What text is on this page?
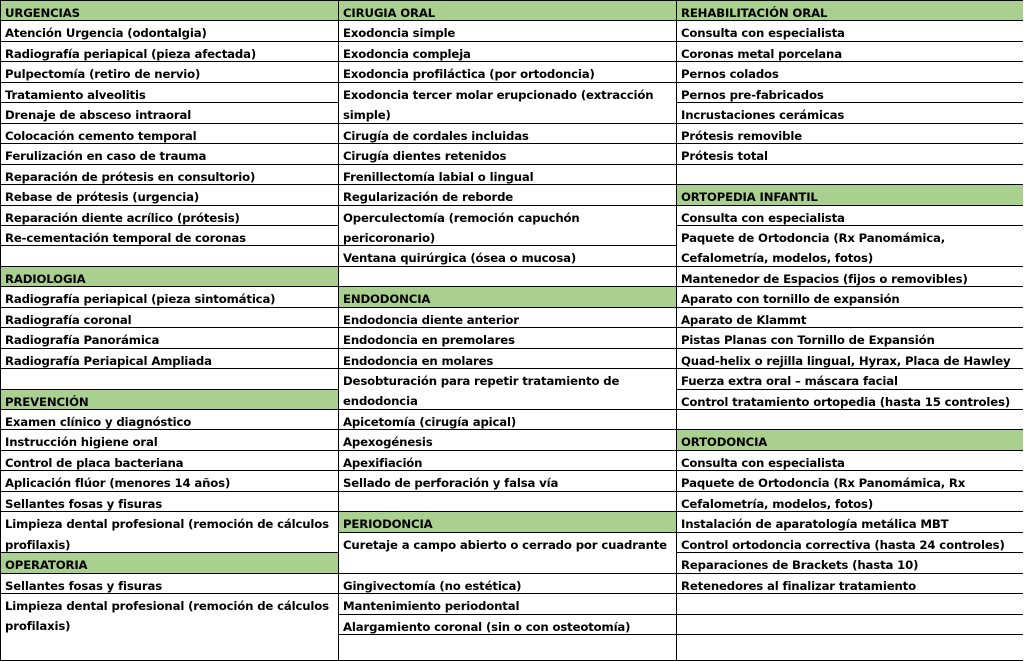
URGENCIAS
Atención Urgencia (odontalgia)
Radiografía periapical (pieza afectada)
Pulpectomía (retiro de nervio)
Tratamiento alveolitis
Drenaje de absceso intraoral
Colocación cemento temporal
Ferulización en caso de trauma
Reparación de prótesis en consultorio)
Rebase de prótesis (urgencia)
Reparación diente acrílico (prótesis)
Re-cementación temporal de coronas
RADIOLOGIA
Radiografía periapical (pieza sintomática)
Radiografía coronal
Radiografía Panorámica
Radiografía Periapical Ampliada
PREVENCIÓN
Examen clínico y diagnóstico
Instrucción higiene oral
Control de placa bacteriana
Aplicación flúor (menores 14 años)
Sellantes fosas y fisuras
Limpieza dental profesional (remoción de cálculos profilaxis)
OPERATORIA
Sellantes fosas y fisuras
Limpieza dental profesional (remoción de cálculos profilaxis)
CIRUGIA ORAL
Exodoncia simple
Exodoncia compleja
Exodoncia profiláctica (por ortodoncia)
Exodoncia tercer molar erupcionado (extracción simple)
Cirugía de cordales incluidas
Cirugía dientes retenidos
Frenillectomía labial o lingual
Regularización de reborde
Operculectomía (remoción capuchón pericoronario)
Ventana quirúrgica (ósea o mucosa)
ENDODONCIA
Endodoncia diente anterior
Endodoncia en premolares
Endodoncia en molares
Desobturación para repetir tratamiento de endodoncia
Apicetomía (cirugía apical)
Apexogénesis
Apexifiación
Sellado de perforación y falsa vía
PERIODONCIA
Curetaje a campo abierto o cerrado por cuadrante
Gingivectomía (no estética)
Mantenimiento periodontal
Alargamiento coronal (sin o con osteotomía)
REHABILITACIÓN ORAL
Consulta con especialista
Coronas metal porcelana
Pernos colados
Pernos pre-fabricados
Incrustaciones cerámicas
Prótesis removible
Prótesis total
ORTOPEDIA INFANTIL
Consulta con especialista
Paquete de Ortodoncia (Rx Panomámica, Cefalometría, modelos, fotos)
Mantenedor de Espacios (fijos o removibles)
Aparato con tornillo de expansión
Aparato de Klammt
Pistas Planas con Tornillo de Expansión
Quad-helix o rejilla lingual, Hyrax, Placa de Hawley
Fuerza extra oral – máscara facial
Control tratamiento ortopedia (hasta 15 controles)
ORTODONCIA
Consulta con especialista
Paquete de Ortodoncia (Rx Panomámica, Rx
Cefalometría, modelos, fotos)
Instalación de aparatología metálica MBT
Control ortodoncia correctiva (hasta 24 controles)
Reparaciones de Brackets (hasta 10)
Retenedores al finalizar tratamiento
